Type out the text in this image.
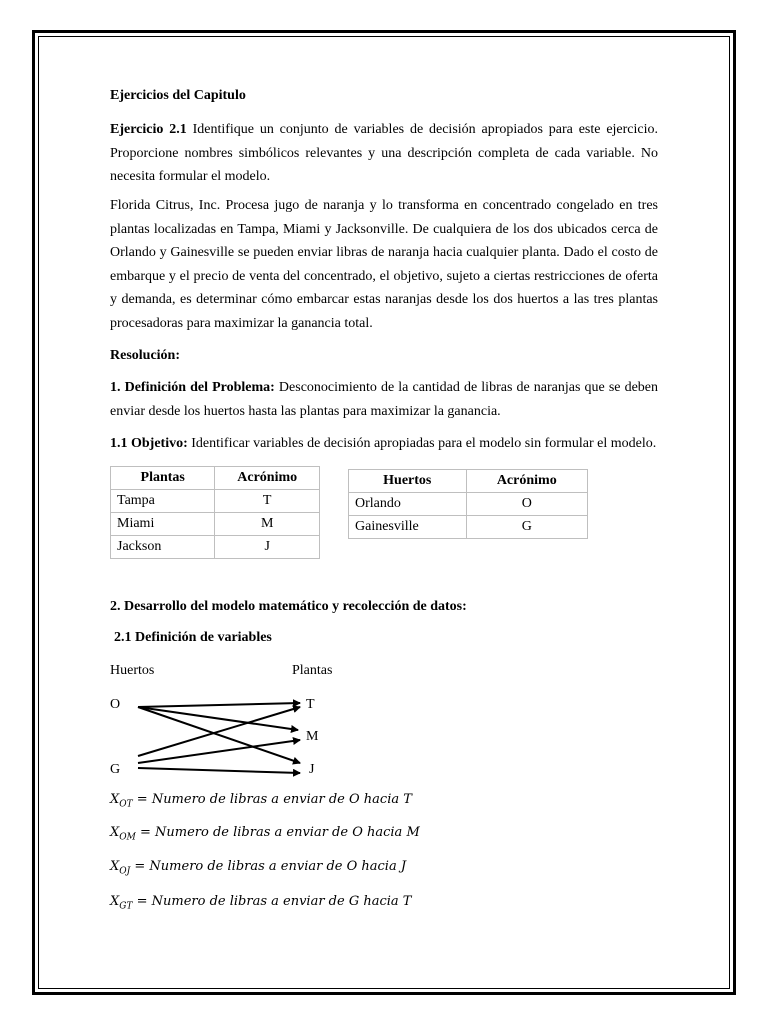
Ejercicios del Capitulo
Ejercicio 2.1 Identifique un conjunto de variables de decisión apropiados para este ejercicio. Proporcione nombres simbólicos relevantes y una descripción completa de cada variable. No necesita formular el modelo.
Florida Citrus, Inc. Procesa jugo de naranja y lo transforma en concentrado congelado en tres plantas localizadas en Tampa, Miami y Jacksonville. De cualquiera de los dos ubicados cerca de Orlando y Gainesville se pueden enviar libras de naranja hacia cualquier planta. Dado el costo de embarque y el precio de venta del concentrado, el objetivo, sujeto a ciertas restricciones de oferta y demanda, es determinar cómo embarcar estas naranjas desde los dos huertos a las tres plantas procesadoras para maximizar la ganancia total.
Resolución:
1. Definición del Problema: Desconocimiento de la cantidad de libras de naranjas que se deben enviar desde los huertos hasta las plantas para maximizar la ganancia.
1.1 Objetivo: Identificar variables de decisión apropiadas para el modelo sin formular el modelo.
Plantas	Acrónimo
Tampa	T
Miami	M
Jackson	J
Huertos	Acrónimo
Orlando	O
Gainesville	G
2. Desarrollo del modelo matemático y recolección de datos:
2.1 Definición de variables
Huertos	Plantas
O
G
T
M
J
$X_{OT}$ = Numero de libras a enviar de O hacia T
$X_{OM}$ = Numero de libras a enviar de O hacia M
$X_{OJ}$ = Numero de libras a enviar de O hacia J
$X_{GT}$ = Numero de libras a enviar de G hacia T
